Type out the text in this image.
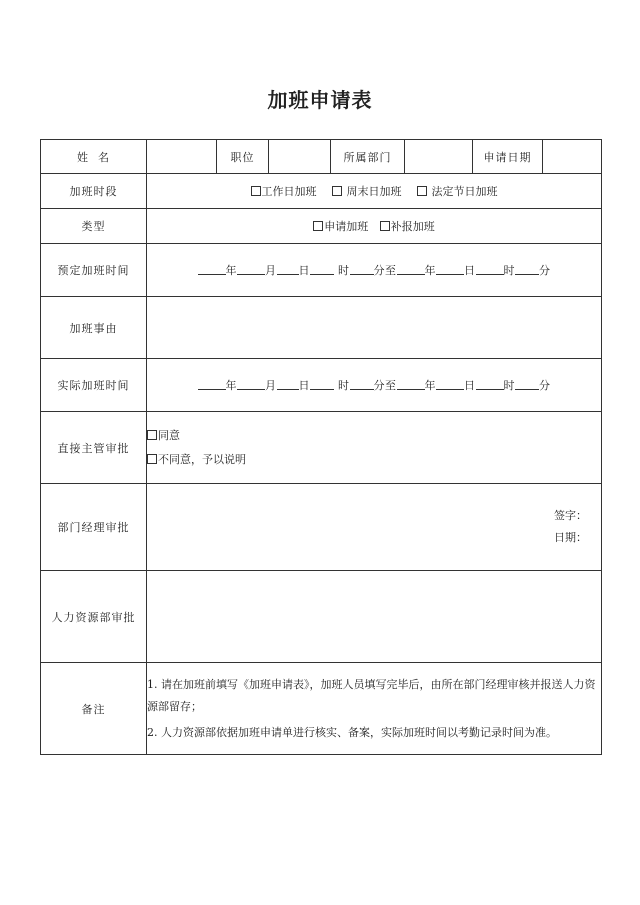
加班申请表
姓  名		职位		所属部门		申请日期	
加班时段	工作日加班 周末日加班 法定节日加班						
类型	申请加班 补报加班						
预定加班时间	年 月 日 时 分至 年 日 时 分						
加班事由							
实际加班时间	年 月 日 时 分至 年 日 时 分						
直接主管审批	同意
不同意，予以说明						

部门经理审批	签字：
日期：						

人力资源部审批							
备注	1. 请在加班前填写《加班申请表》，加班人员填写完毕后，由所在部门经理审核并报送人力资源部留存；
2. 人力资源部依据加班申请单进行核实、备案，实际加班时间以考勤记录时间为准。						
